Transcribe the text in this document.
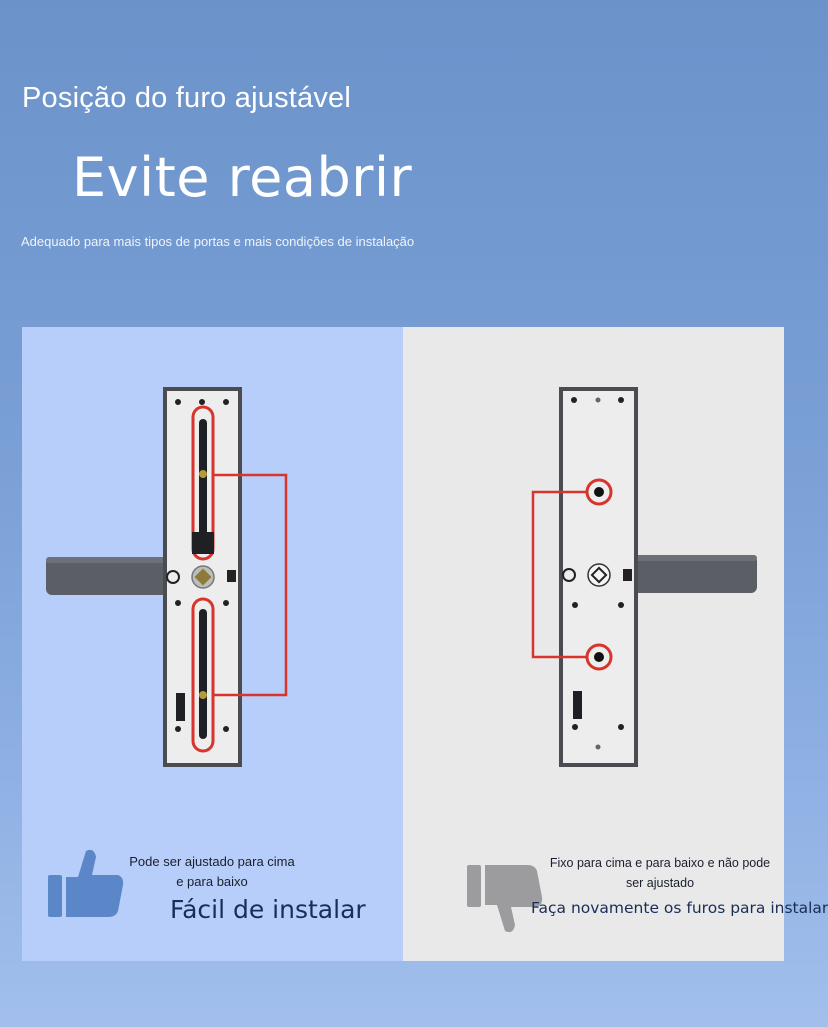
Posição do furo ajustável
Evite reabrir
Adequado para mais tipos de portas e mais condições de instalação
Pode ser ajustado para cima e para baixo
Fácil de instalar
Fixo para cima e para baixo e não pode ser ajustado
Faça novamente os furos para instalar
